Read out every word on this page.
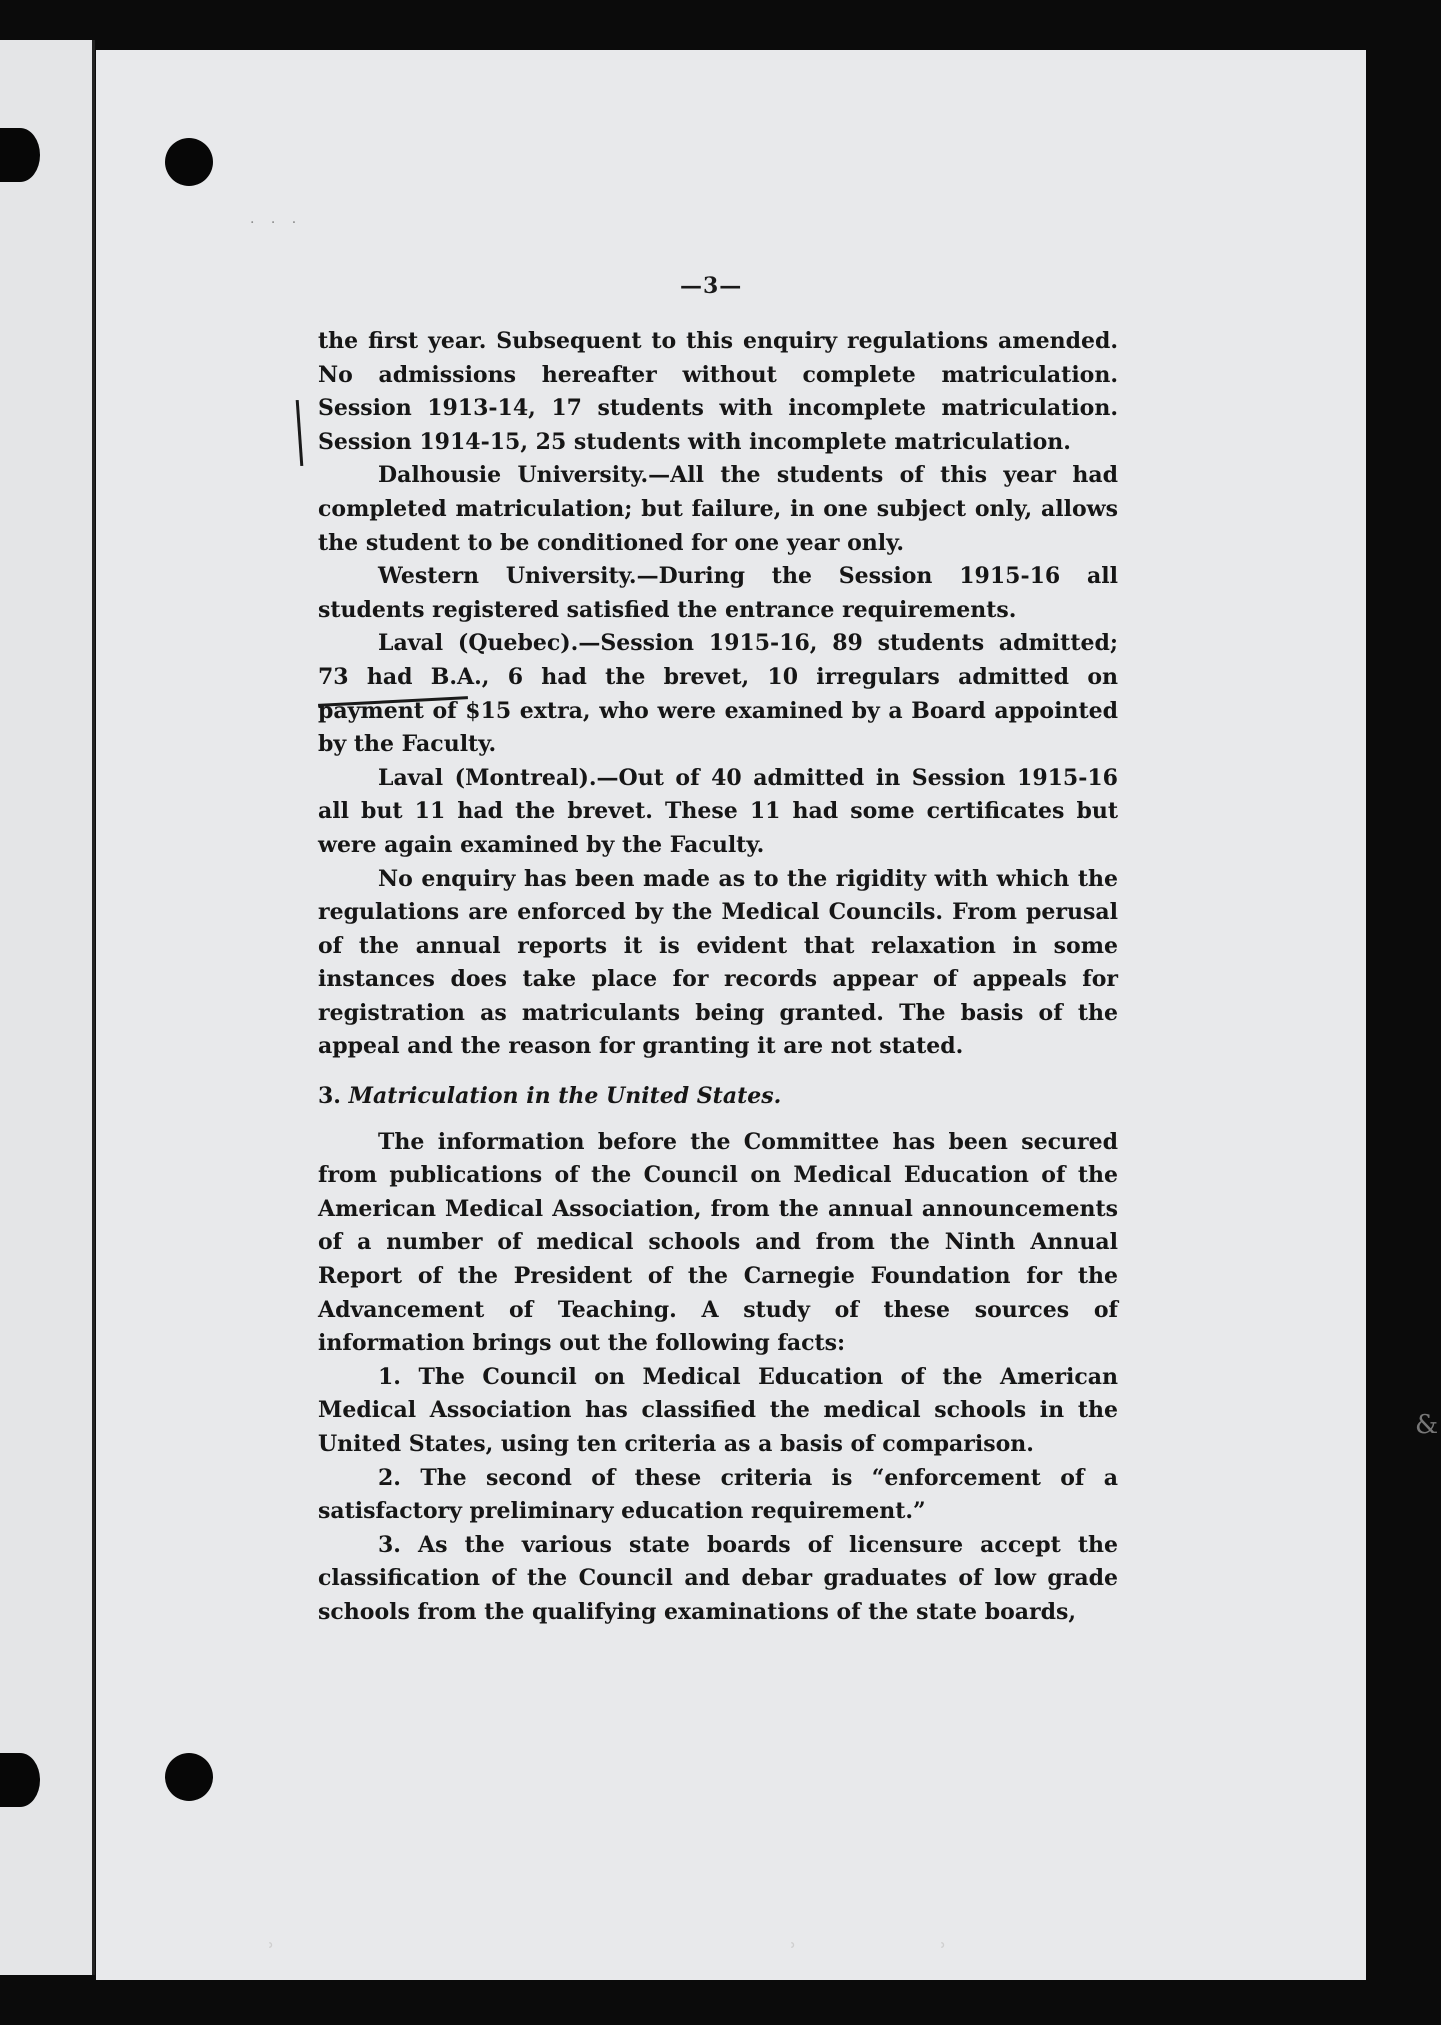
· · ·
—3—

the first year. Subsequent to this enquiry regulations amended. No admissions hereafter without complete matriculation. Session 1913-14, 17 students with incomplete matriculation. Session 1914-15, 25 students with incomplete matriculation.

Dalhousie University.—All the students of this year had completed matriculation; but failure, in one subject only, allows the student to be conditioned for one year only.

Western University.—During the Session 1915-16 all students registered satisfied the entrance requirements.

Laval (Quebec).—Session 1915-16, 89 students admitted; 73 had B.A., 6 had the brevet, 10 irregulars admitted on payment of $15 extra, who were examined by a Board appointed by the Faculty.

Laval (Montreal).—Out of 40 admitted in Session 1915-16 all but 11 had the brevet. These 11 had some certificates but were again examined by the Faculty.

No enquiry has been made as to the rigidity with which the regulations are enforced by the Medical Councils. From perusal of the annual reports it is evident that relaxation in some instances does take place for records appear of appeals for registration as matriculants being granted. The basis of the appeal and the reason for granting it are not stated.

3. Matriculation in the United States.

The information before the Committee has been secured from publications of the Council on Medical Education of the American Medical Association, from the annual announcements of a number of medical schools and from the Ninth Annual Report of the President of the Carnegie Foundation for the Advancement of Teaching. A study of these sources of information brings out the following facts:

1. The Council on Medical Education of the American Medical Association has classified the medical schools in the United States, using ten criteria as a basis of comparison.

2. The second of these criteria is “enforcement of a satisfactory preliminary education requirement.”

3. As the various state boards of licensure accept the classification of the Council and debar graduates of low grade schools from the qualifying examinations of the state boards,

&
ʾ	ʾ	ʾ
